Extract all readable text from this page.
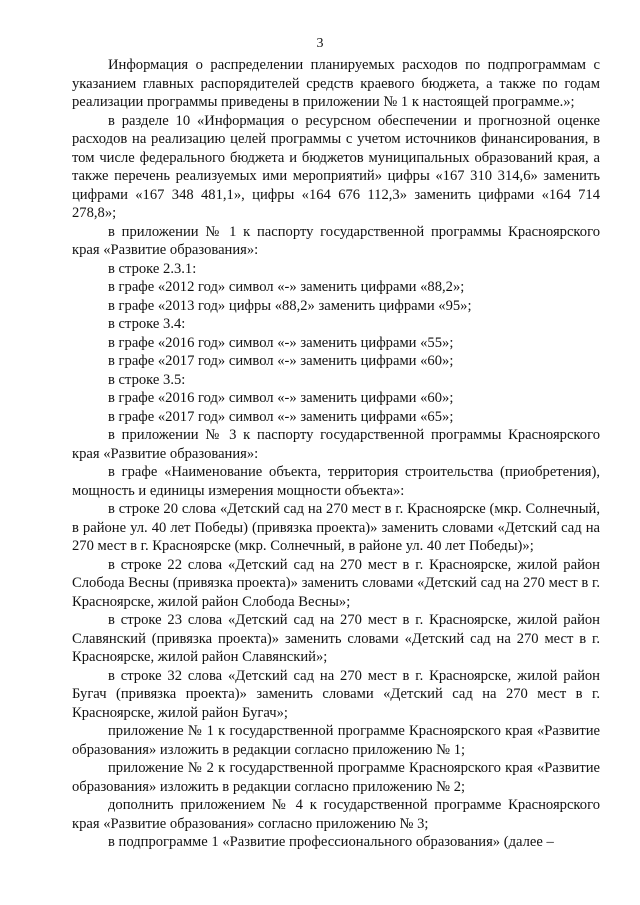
3

Информация о распределении планируемых расходов по подпрограммам с указанием главных распорядителей средств краевого бюджета, а также по годам реализации программы приведены в приложении № 1 к настоящей программе.»;

в разделе 10 «Информация о ресурсном обеспечении и прогнозной оценке расходов на реализацию целей программы с учетом источников финансирования, в том числе федерального бюджета и бюджетов муниципальных образований края, а также перечень реализуемых ими мероприятий» цифры «167 310 314,6» заменить цифрами «167 348 481,1», цифры «164 676 112,3» заменить цифрами «164 714 278,8»;

в приложении № 1 к паспорту государственной программы Красноярского края «Развитие образования»:

в строке 2.3.1:

в графе «2012 год» символ «-» заменить цифрами «88,2»;

в графе «2013 год» цифры «88,2» заменить цифрами «95»;

в строке 3.4:

в графе «2016 год» символ «-» заменить цифрами «55»;

в графе «2017 год» символ «-» заменить цифрами «60»;

в строке 3.5:

в графе «2016 год» символ «-» заменить цифрами «60»;

в графе «2017 год» символ «-» заменить цифрами «65»;

в приложении № 3 к паспорту государственной программы Красноярского края «Развитие образования»:

в графе «Наименование объекта, территория строительства (приобретения), мощность и единицы измерения мощности объекта»:

в строке 20 слова «Детский сад на 270 мест в г. Красноярске (мкр. Солнечный, в районе ул. 40 лет Победы) (привязка проекта)» заменить словами «Детский сад на 270 мест в г. Красноярске (мкр. Солнечный, в районе ул. 40 лет Победы)»;

в строке 22 слова «Детский сад на 270 мест в г. Красноярске, жилой район Слобода Весны (привязка проекта)» заменить словами «Детский сад на 270 мест в г. Красноярске, жилой район Слобода Весны»;

в строке 23 слова «Детский сад на 270 мест в г. Красноярске, жилой район Славянский (привязка проекта)» заменить словами «Детский сад на 270 мест в г. Красноярске, жилой район Славянский»;

в строке 32 слова «Детский сад на 270 мест в г. Красноярске, жилой район Бугач (привязка проекта)» заменить словами «Детский сад на 270 мест в г. Красноярске, жилой район Бугач»;

приложение № 1 к государственной программе Красноярского края «Развитие образования» изложить в редакции согласно приложению № 1;

приложение № 2 к государственной программе Красноярского края «Развитие образования» изложить в редакции согласно приложению № 2;

дополнить приложением № 4 к государственной программе Красноярского края «Развитие образования» согласно приложению № 3;

в подпрограмме 1 «Развитие профессионального образования» (далее –
